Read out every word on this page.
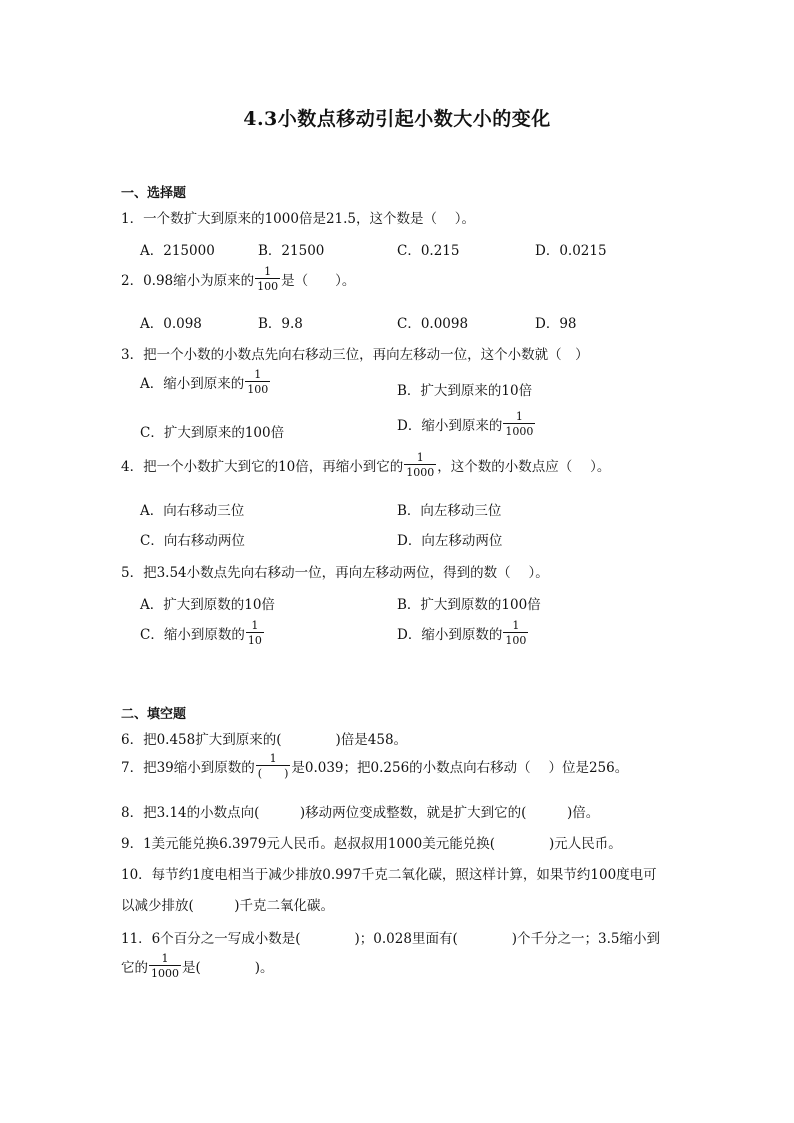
4.3小数点移动引起小数大小的变化
一、选择题
1．一个数扩大到原来的1000倍是21.5，这个数是（　 ）。
A．215000	B．21500	C．0.215	D．0.0215
2．0.98缩小为原来的 $\frac{1}{100}$ 是（　　）。
A．0.098	B．9.8	C．0.0098	D．98
3．把一个小数的小数点先向右移动三位，再向左移动一位，这个小数就（　）
A．缩小到原来的 $\frac{1}{100}$	B．扩大到原来的10倍
C．扩大到原来的100倍	D．缩小到原来的 $\frac{1}{1000}$
4．把一个小数扩大到它的10倍，再缩小到它的 $\frac{1}{1000}$ ，这个数的小数点应（　 ）。
A．向右移动三位	B．向左移动三位
C．向右移动两位	D．向左移动两位
5．把3.54小数点先向右移动一位，再向左移动两位，得到的数（　 ）。
A．扩大到原数的10倍	B．扩大到原数的100倍
C．缩小到原数的 $\frac{1}{10}$	D．缩小到原数的 $\frac{1}{100}$
二、填空题
6．把0.458扩大到原来的(　　　　)倍是458。
7．把39缩小到原数的 $\frac{1}{( )}$ 是0.039；把0.256的小数点向右移动（　 ）位是256。
8．把3.14的小数点向(　　　)移动两位变成整数，就是扩大到它的(　　　)倍。
9．1美元能兑换6.3979元人民币。赵叔叔用1000美元能兑换(　　　　)元人民币。
10．每节约1度电相当于减少排放0.997千克二氧化碳，照这样计算，如果节约100度电可
以减少排放(　　　)千克二氧化碳。
11．6个百分之一写成小数是(　　　　)；0.028里面有(　　　　)个千分之一；3.5缩小到
它的 $\frac{1}{1000}$ 是(　　　　)。
